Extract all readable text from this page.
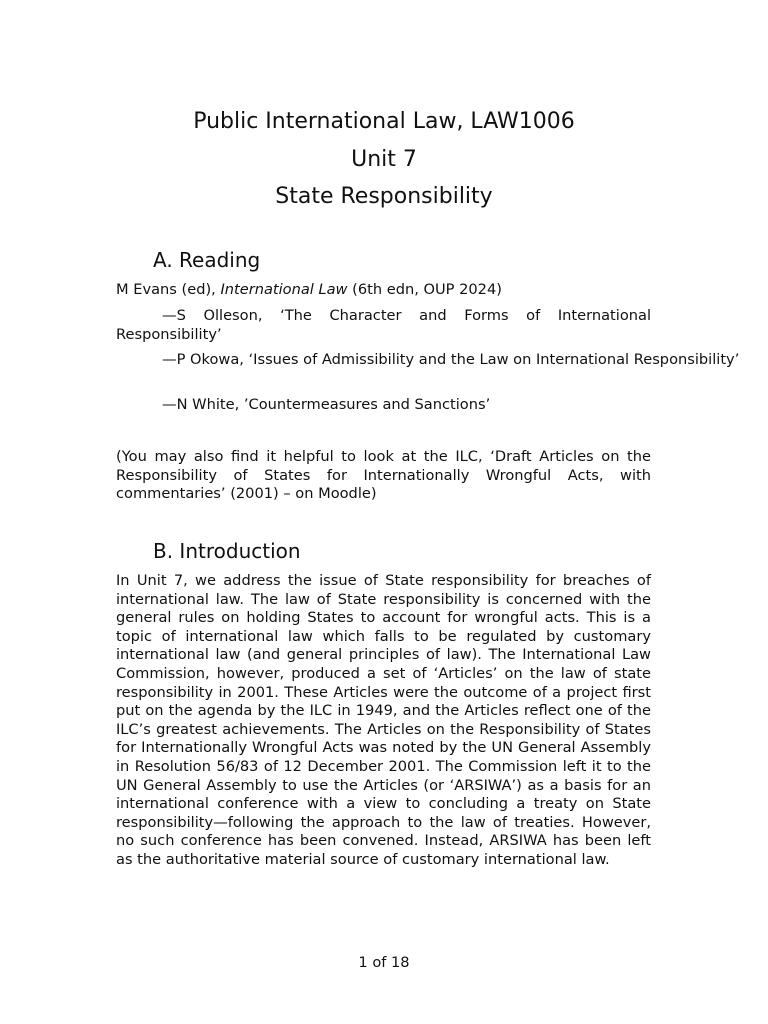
Public International Law, LAW1006
Unit 7
State Responsibility
A. Reading

M Evans (ed), International Law (6th edn, OUP 2024)

—S Olleson, ‘The Character and Forms of International Responsibility’

—P Okowa, ‘Issues of Admissibility and the Law on International Responsibility’

—N White, ’Countermeasures and Sanctions’

(You may also find it helpful to look at the ILC, ‘Draft Articles on the Responsibility of States for Internationally Wrongful Acts, with commentaries’ (2001) – on Moodle)

B. Introduction

In Unit 7, we address the issue of State responsibility for breaches of international law. The law of State responsibility is concerned with the general rules on holding States to account for wrongful acts. This is a topic of international law which falls to be regulated by customary international law (and general principles of law). The International Law Commission, however, produced a set of ‘Articles’ on the law of state responsibility in 2001. These Articles were the outcome of a project first put on the agenda by the ILC in 1949, and the Articles reflect one of the ILC’s greatest achievements. The Articles on the Responsibility of States for Internationally Wrongful Acts was noted by the UN General Assembly in Resolution 56/83 of 12 December 2001. The Commission left it to the UN General Assembly to use the Articles (or ‘ARSIWA’) as a basis for an international conference with a view to concluding a treaty on State responsibility—following the approach to the law of treaties. However, no such conference has been convened. Instead, ARSIWA has been left as the authoritative material source of customary international law.

1 of 18
